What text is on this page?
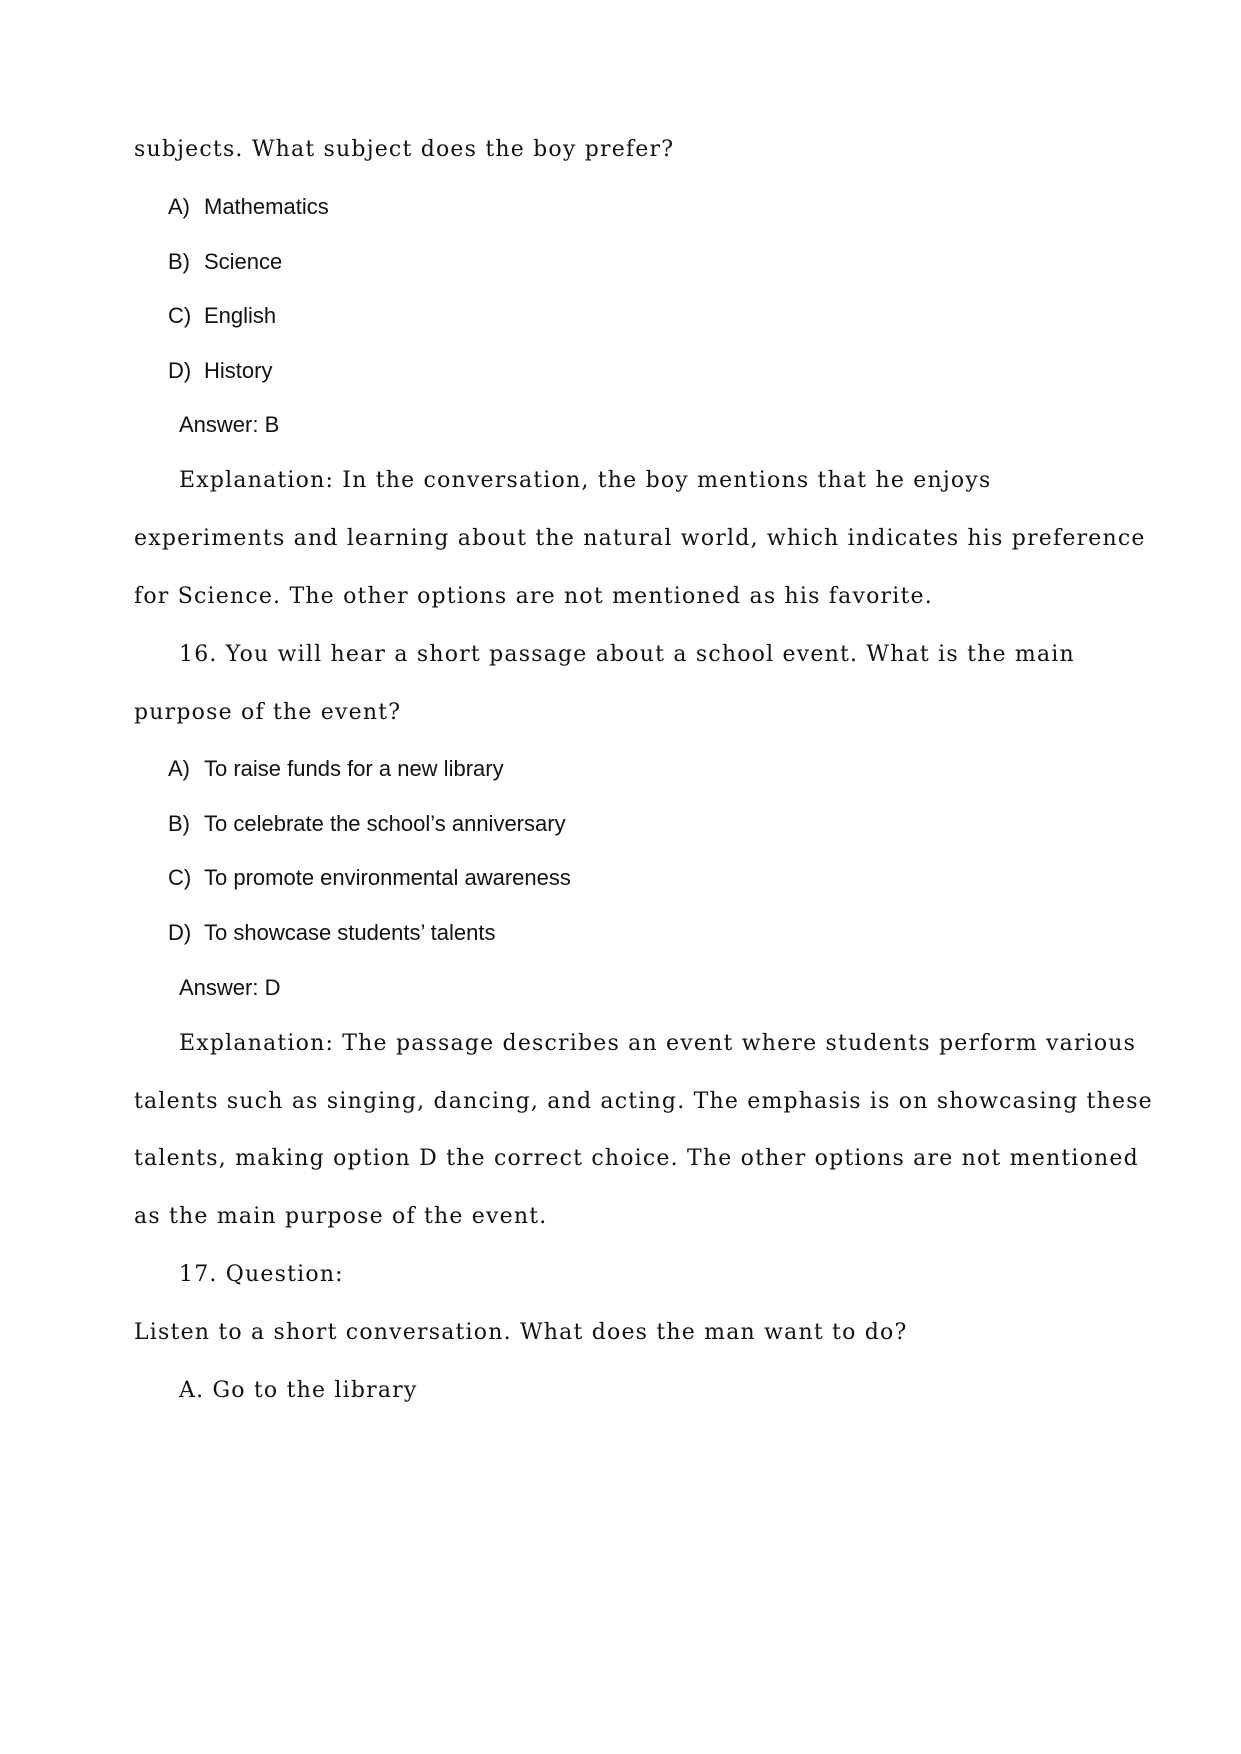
subjects. What subject does the boy prefer?
A) Mathematics
B) Science
C) English
D) History
Answer: B
Explanation: In the conversation, the boy mentions that he enjoys
experiments and learning about the natural world, which indicates his preference
for Science. The other options are not mentioned as his favorite.
16. You will hear a short passage about a school event. What is the main
purpose of the event?
A) To raise funds for a new library
B) To celebrate the school’s anniversary
C) To promote environmental awareness
D) To showcase students’ talents
Answer: D
Explanation: The passage describes an event where students perform various
talents such as singing, dancing, and acting. The emphasis is on showcasing these
talents, making option D the correct choice. The other options are not mentioned
as the main purpose of the event.
17. Question:
Listen to a short conversation. What does the man want to do?
A. Go to the library
